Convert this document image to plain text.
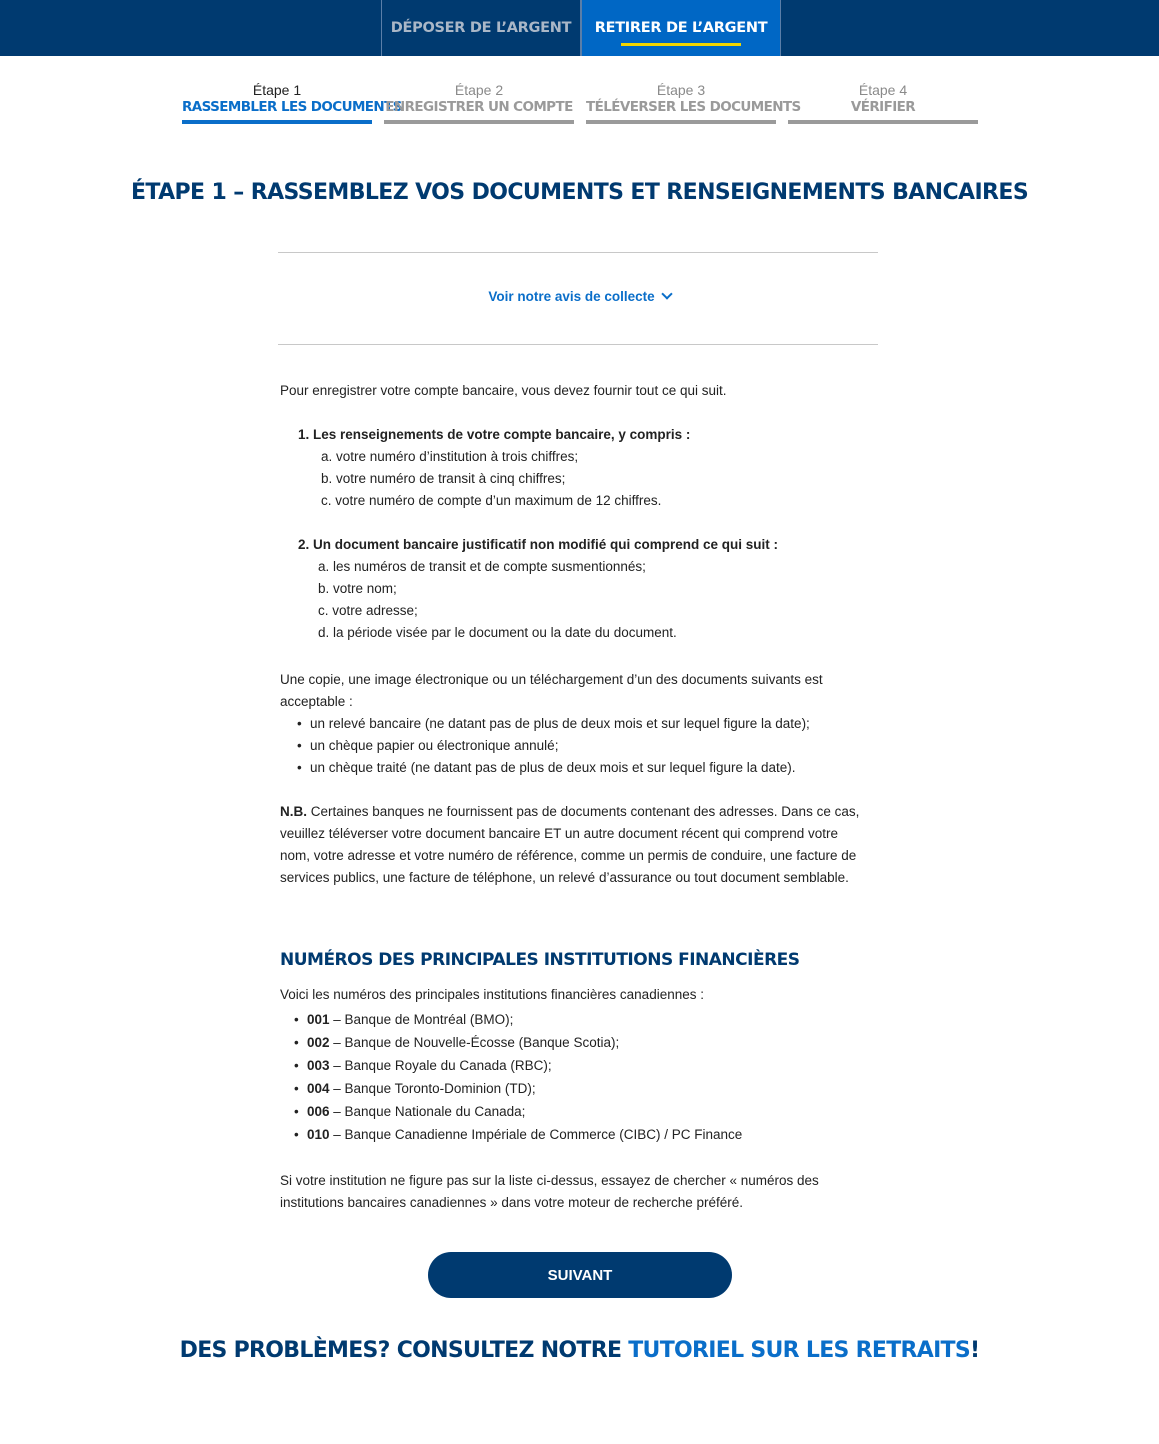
DÉPOSER DE L’ARGENT RETIRER DE L’ARGENT
Étape 1
RASSEMBLER LES DOCUMENTS
Étape 2
ENREGISTRER UN COMPTE
Étape 3
TÉLÉVERSER LES DOCUMENTS
Étape 4
VÉRIFIER
ÉTAPE 1 – RASSEMBLEZ VOS DOCUMENTS ET RENSEIGNEMENTS BANCAIRES
Voir notre avis de collecte

Pour enregistrer votre compte bancaire, vous devez fournir tout ce qui suit.

1. Les renseignements de votre compte bancaire, y compris :
a. votre numéro d’institution à trois chiffres;
b. votre numéro de transit à cinq chiffres;
c. votre numéro de compte d’un maximum de 12 chiffres.
2. Un document bancaire justificatif non modifié qui comprend ce qui suit :
a. les numéros de transit et de compte susmentionnés;
b. votre nom;
c. votre adresse;
d. la période visée par le document ou la date du document.

Une copie, une image électronique ou un téléchargement d’un des documents suivants est acceptable :

• un relevé bancaire (ne datant pas de plus de deux mois et sur lequel figure la date);
• un chèque papier ou électronique annulé;
• un chèque traité (ne datant pas de plus de deux mois et sur lequel figure la date).

N.B. Certaines banques ne fournissent pas de documents contenant des adresses. Dans ce cas, veuillez téléverser votre document bancaire ET un autre document récent qui comprend votre nom, votre adresse et votre numéro de référence, comme un permis de conduire, une facture de services publics, une facture de téléphone, un relevé d’assurance ou tout document semblable.

NUMÉROS DES PRINCIPALES INSTITUTIONS FINANCIÈRES

Voici les numéros des principales institutions financières canadiennes :

• 001 – Banque de Montréal (BMO);
• 002 – Banque de Nouvelle-Écosse (Banque Scotia);
• 003 – Banque Royale du Canada (RBC);
• 004 – Banque Toronto-Dominion (TD);
• 006 – Banque Nationale du Canada;
• 010 – Banque Canadienne Impériale de Commerce (CIBC) / PC Finance

Si votre institution ne figure pas sur la liste ci-dessus, essayez de chercher « numéros des institutions bancaires canadiennes » dans votre moteur de recherche préféré.

SUIVANT
DES PROBLÈMES? CONSULTEZ NOTRE TUTORIEL SUR LES RETRAITS!
